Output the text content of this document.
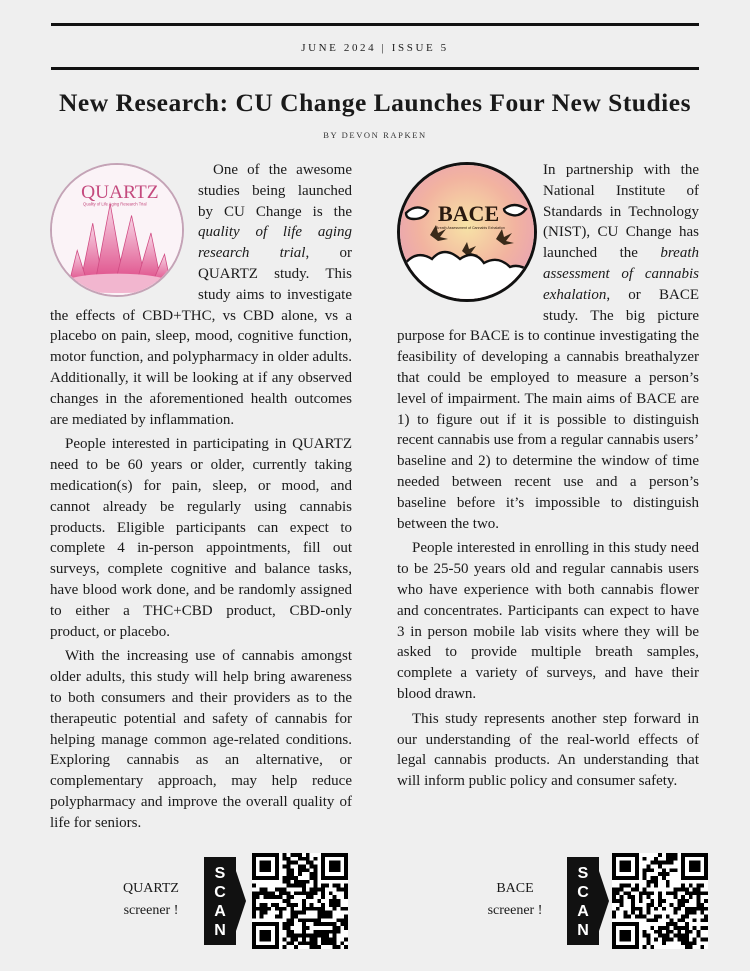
JUNE 2024 | ISSUE 5
New Research: CU Change Launches Four New Studies
BY DEVON RAPKEN
QUARTZ
Quality of Life Aging Research Trial

One of the awesome studies being launched by CU Change is the quality of life aging research trial, or QUARTZ study. This study aims to investigate the effects of CBD+THC, vs CBD alone, vs a placebo on pain, sleep, mood, cognitive function, motor function, and polypharmacy in older adults. Additionally, it will be looking at if any observed changes in the aforementioned health outcomes are mediated by inflammation.

People interested in participating in QUARTZ need to be 60 years or older, currently taking medication(s) for pain, sleep, or mood, and cannot already be regularly using cannabis products. Eligible participants can expect to complete 4 in-person appointments, fill out surveys, complete cognitive and balance tasks, have blood work done, and be randomly assigned to either a THC+CBD product, CBD-only product, or placebo.

With the increasing use of cannabis amongst older adults, this study will help bring awareness to both consumers and their providers as to the therapeutic potential and safety of cannabis for helping manage common age-related conditions. Exploring cannabis as an alternative, or complementary approach, may help reduce polypharmacy and improve the overall quality of life for seniors.

BACE
Breath Assessment of Cannabis Exhalation

In partnership with the National Institute of Standards in Technology (NIST), CU Change has launched the breath assessment of cannabis exhalation, or BACE study. The big picture purpose for BACE is to continue investigating the feasibility of developing a cannabis breathalyzer that could be employed to measure a person’s level of impairment. The main aims of BACE are 1) to figure out if it is possible to distinguish recent cannabis use from a regular cannabis users’ baseline and 2) to determine the window of time needed between recent use and a person’s baseline before it’s impossible to distinguish between the two.

People interested in enrolling in this study need to be 25-50 years old and regular cannabis users who have experience with both cannabis flower and concentrates. Participants can expect to have 3 in person mobile lab visits where they will be asked to provide multiple breath samples, complete a variety of surveys, and have their blood drawn.

This study represents another step forward in our understanding of the real-world effects of legal cannabis products. An understanding that will inform public policy and consumer safety.

QUARTZ
screener !
S
C
A
N
BACE
screener !
S
C
A
N
